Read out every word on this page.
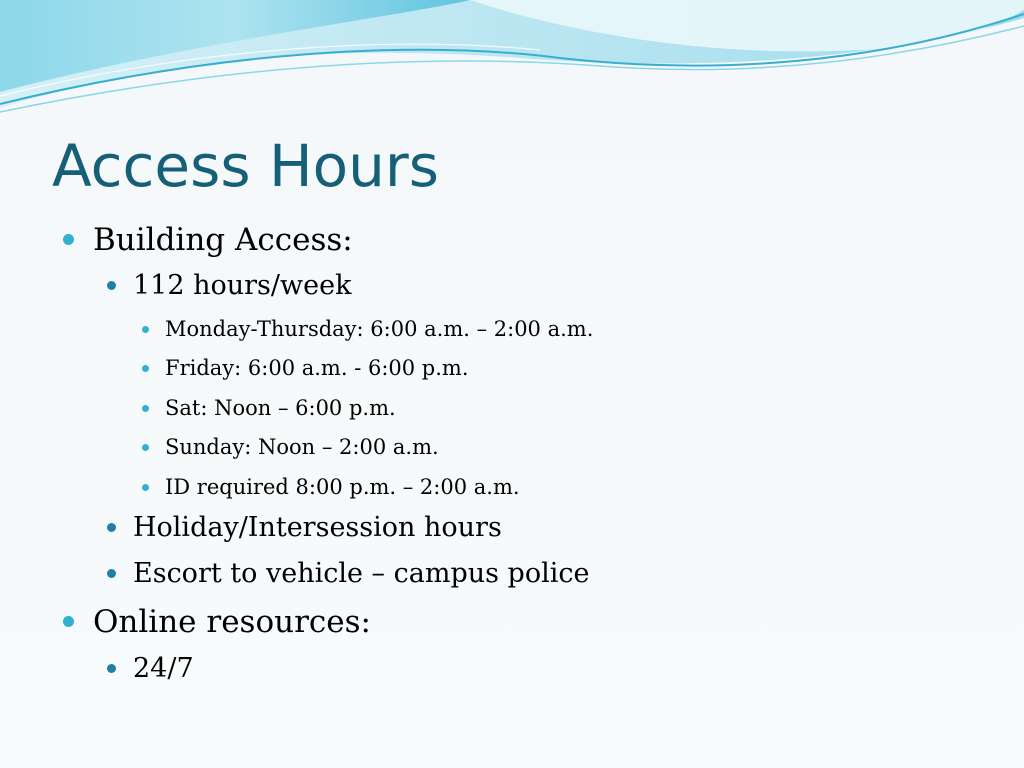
Access Hours
Building Access:
112 hours/week
Monday-Thursday: 6:00 a.m. – 2:00 a.m.
Friday: 6:00 a.m. - 6:00 p.m.
Sat: Noon – 6:00 p.m.
Sunday: Noon – 2:00 a.m.
ID required 8:00 p.m. – 2:00 a.m.
Holiday/Intersession hours
Escort to vehicle – campus police
Online resources:
24/7
